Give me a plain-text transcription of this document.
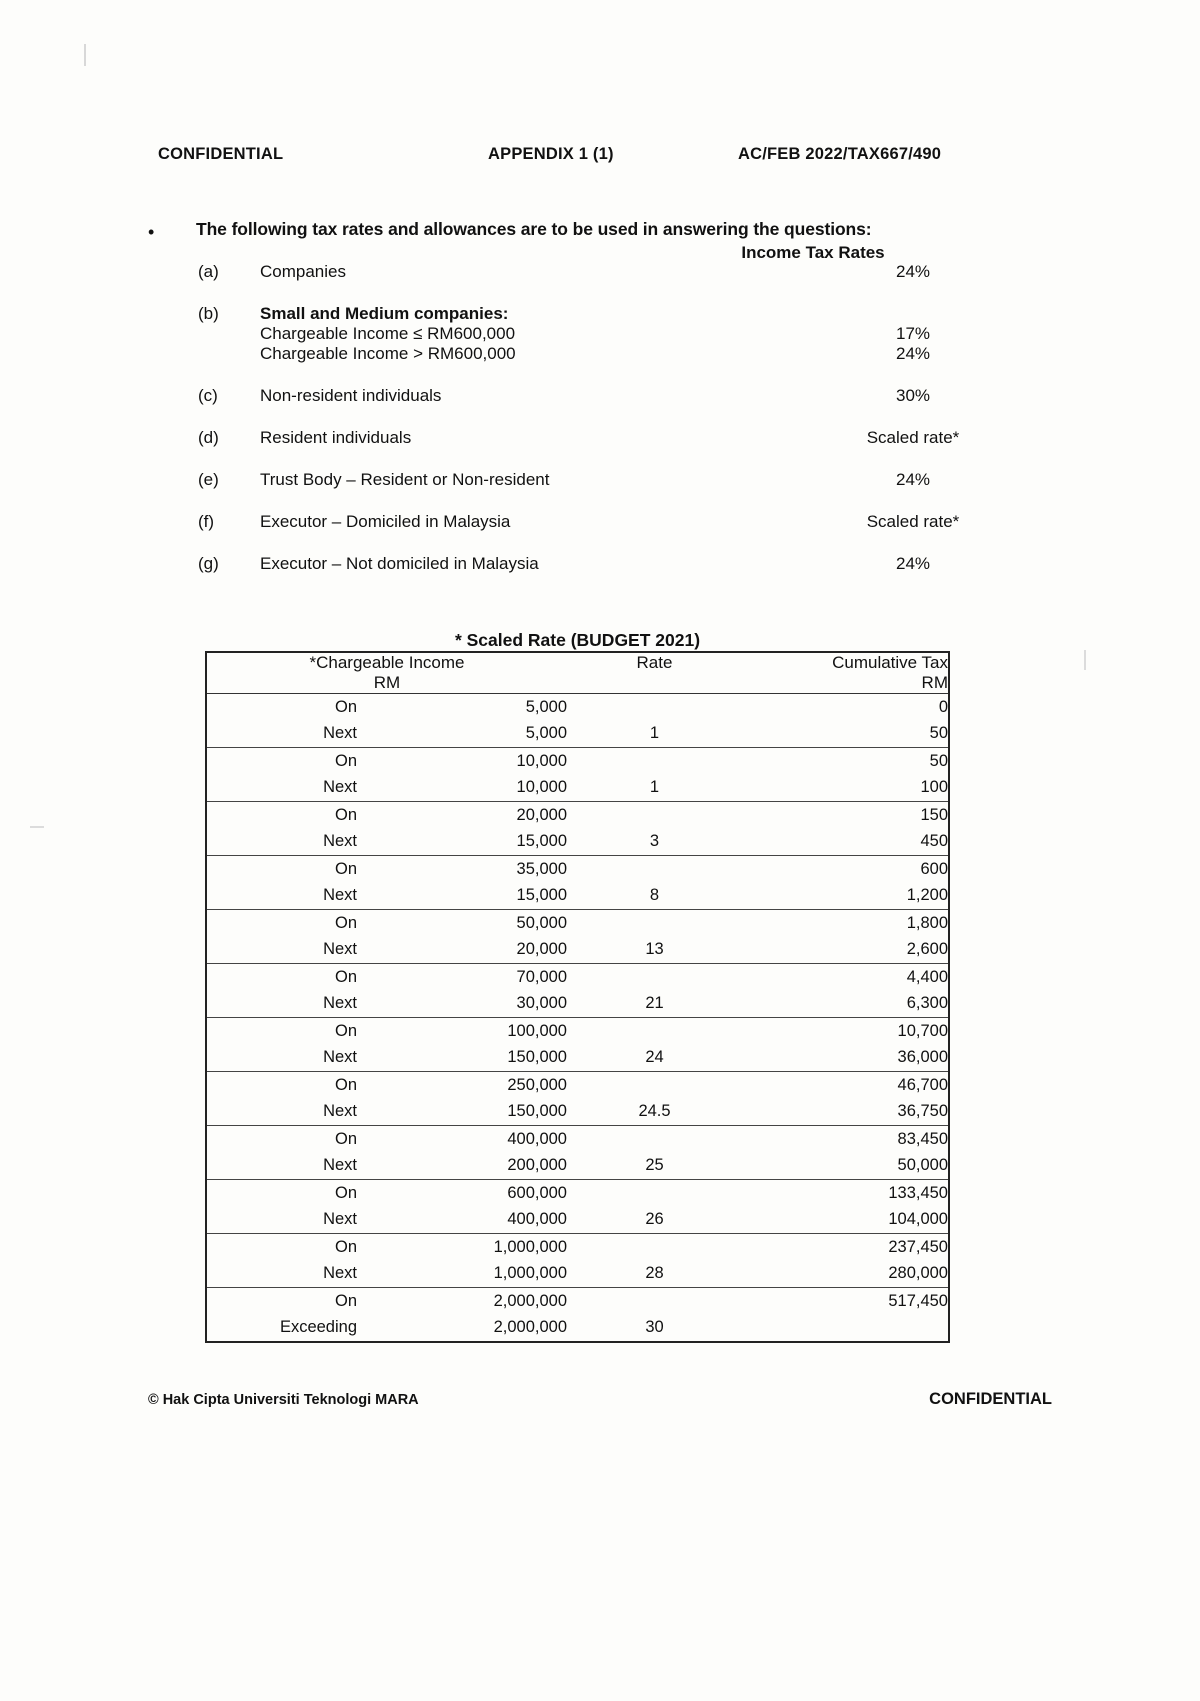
CONFIDENTIAL	APPENDIX 1 (1)	AC/FEB 2022/TAX667/490
•	The following tax rates and allowances are to be used in answering the questions:
Income Tax Rates
(a)	Companies	24%
(b)	Small and Medium companies:
Chargeable Income ≤ RM600,000	17%
Chargeable Income > RM600,000	24%
(c)	Non-resident individuals	30%
(d)	Resident individuals	Scaled rate*
(e)	Trust Body – Resident or Non-resident	24%
(f)	Executor – Domiciled in Malaysia	Scaled rate*
(g)	Executor – Not domiciled in Malaysia	24%
* Scaled Rate (BUDGET 2021)
*Chargeable Income		Rate	Cumulative Tax
RM			RM
On	5,000		0
Next	5,000	1	50
On	10,000		50
Next	10,000	1	100
On	20,000		150
Next	15,000	3	450
On	35,000		600
Next	15,000	8	1,200
On	50,000		1,800
Next	20,000	13	2,600
On	70,000		4,400
Next	30,000	21	6,300
On	100,000		10,700
Next	150,000	24	36,000
On	250,000		46,700
Next	150,000	24.5	36,750
On	400,000		83,450
Next	200,000	25	50,000
On	600,000		133,450
Next	400,000	26	104,000
On	1,000,000		237,450
Next	1,000,000	28	280,000
On	2,000,000		517,450
Exceeding	2,000,000	30	
© Hak Cipta Universiti Teknologi MARA	CONFIDENTIAL
